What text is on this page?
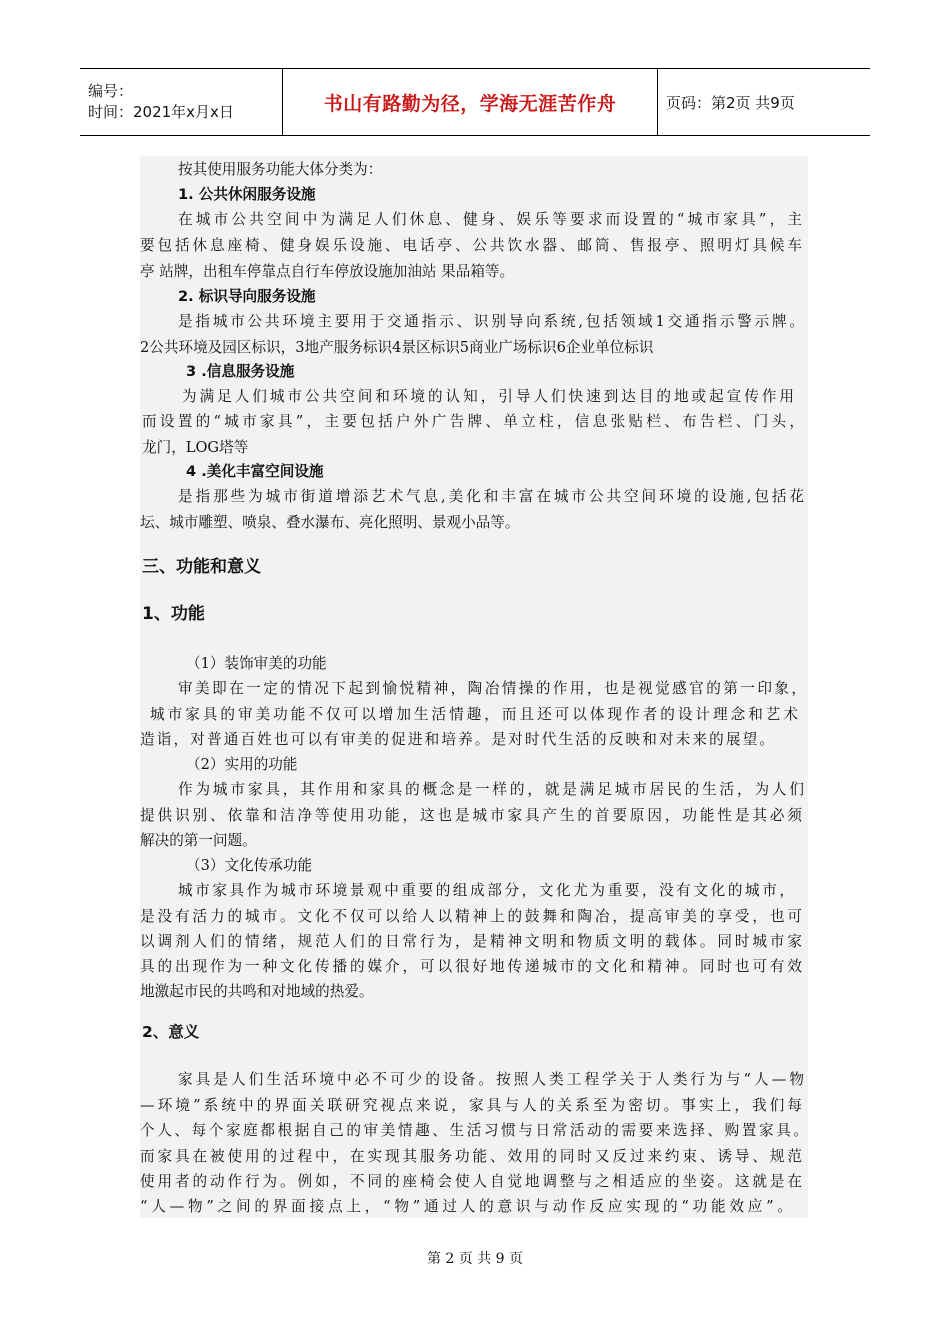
编号：
时间：2021年x月x日	书山有路勤为径，学海无涯苦作舟	页码：第2页 共9页
按其使用服务功能大体分类为：
1. 公共休闲服务设施
在城市公共空间中为满足人们休息、健身、娱乐等要求而设置的“城市家具”，主
要包括休息座椅、健身娱乐设施、电话亭、公共饮水器、邮筒、售报亭、照明灯具候车
亭 站牌，出租车停靠点自行车停放设施加油站 果品箱等。
2. 标识导向服务设施
是指城市公共环境主要用于交通指示、识别导向系统,包括领域1交通指示警示牌。
2公共环境及园区标识，3地产服务标识4景区标识5商业广场标识6企业单位标识
3 .信息服务设施
为满足人们城市公共空间和环境的认知，引导人们快速到达目的地或起宣传作用
而设置的“城市家具”，主要包括户外广告牌、单立柱，信息张贴栏、布告栏、门头，
龙门，LOG塔等
4 .美化丰富空间设施
是指那些为城市街道增添艺术气息,美化和丰富在城市公共空间环境的设施,包括花
坛、城市雕塑、喷泉、叠水瀑布、亮化照明、景观小品等。
三、功能和意义
1、功能
（1）装饰审美的功能
审美即在一定的情况下起到愉悦精神，陶冶情操的作用，也是视觉感官的第一印象，
城市家具的审美功能不仅可以增加生活情趣，而且还可以体现作者的设计理念和艺术
造诣，对普通百姓也可以有审美的促进和培养。是对时代生活的反映和对未来的展望。
（2）实用的功能
作为城市家具，其作用和家具的概念是一样的，就是满足城市居民的生活，为人们
提供识别、依靠和洁净等使用功能，这也是城市家具产生的首要原因，功能性是其必须
解决的第一问题。
（3）文化传承功能
城市家具作为城市环境景观中重要的组成部分，文化尤为重要，没有文化的城市，
是没有活力的城市。文化不仅可以给人以精神上的鼓舞和陶冶，提高审美的享受，也可
以调剂人们的情绪，规范人们的日常行为，是精神文明和物质文明的载体。同时城市家
具的出现作为一种文化传播的媒介，可以很好地传递城市的文化和精神。同时也可有效
地激起市民的共鸣和对地域的热爱。
2、意义
家具是人们生活环境中必不可少的设备。按照人类工程学关于人类行为与“人—物
—环境”系统中的界面关联研究视点来说，家具与人的关系至为密切。事实上，我们每
个人、每个家庭都根据自己的审美情趣、生活习惯与日常活动的需要来选择、购置家具。
而家具在被使用的过程中，在实现其服务功能、效用的同时又反过来约束、诱导、规范
使用者的动作行为。例如，不同的座椅会使人自觉地调整与之相适应的坐姿。这就是在
“人—物”之间的界面接点上，“物”通过人的意识与动作反应实现的“功能效应”。
第 2 页 共 9 页
